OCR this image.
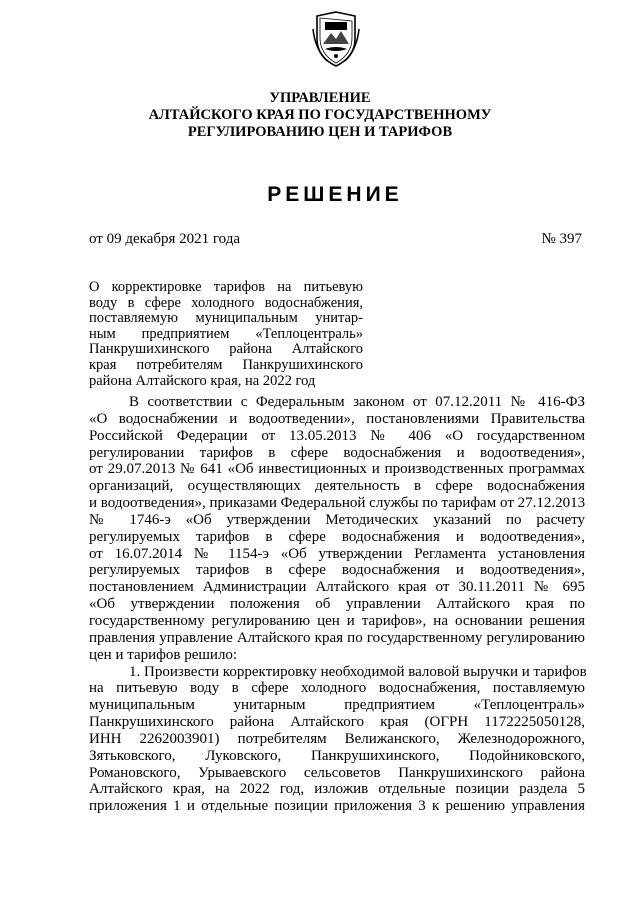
УПРАВЛЕНИЕ
АЛТАЙСКОГО КРАЯ ПО ГОСУДАРСТВЕННОМУ
РЕГУЛИРОВАНИЮ ЦЕН И ТАРИФОВ
РЕШЕНИЕ
от 09 декабря 2021 года	№ 397
О корректировке тарифов на питьевую
воду в сфере холодного водоснабжения,
поставляемую муниципальным унитар-
ным предприятием «Теплоцентраль»
Панкрушихинского района Алтайского
края потребителям Панкрушихинского
района Алтайского края, на 2022 год
В соответствии с Федеральным законом от 07.12.2011 № 416-ФЗ
«О водоснабжении и водоотведении», постановлениями Правительства
Российской Федерации от 13.05.2013 № 406 «О государственном
регулировании тарифов в сфере водоснабжения и водоотведения»,
от 29.07.2013 № 641 «Об инвестиционных и производственных программах
организаций, осуществляющих деятельность в сфере водоснабжения
и водоотведения», приказами Федеральной службы по тарифам от 27.12.2013
№ 1746-э «Об утверждении Методических указаний по расчету
регулируемых тарифов в сфере водоснабжения и водоотведения»,
от 16.07.2014 № 1154-э «Об утверждении Регламента установления
регулируемых тарифов в сфере водоснабжения и водоотведения»,
постановлением Администрации Алтайского края от 30.11.2011 № 695
«Об утверждении положения об управлении Алтайского края по
государственному регулированию цен и тарифов», на основании решения
правления управление Алтайского края по государственному регулированию
цен и тарифов решило:
1. Произвести корректировку необходимой валовой выручки и тарифов
на питьевую воду в сфере холодного водоснабжения, поставляемую
муниципальным унитарным предприятием «Теплоцентраль»
Панкрушихинского района Алтайского края (ОГРН 1172225050128,
ИНН 2262003901) потребителям Велижанского, Железнодорожного,
Зятьковского, Луковского, Панкрушихинского, Подойниковского,
Романовского, Урываевского сельсоветов Панкрушихинского района
Алтайского края, на 2022 год, изложив отдельные позиции раздела 5
приложения 1 и отдельные позиции приложения 3 к решению управления
